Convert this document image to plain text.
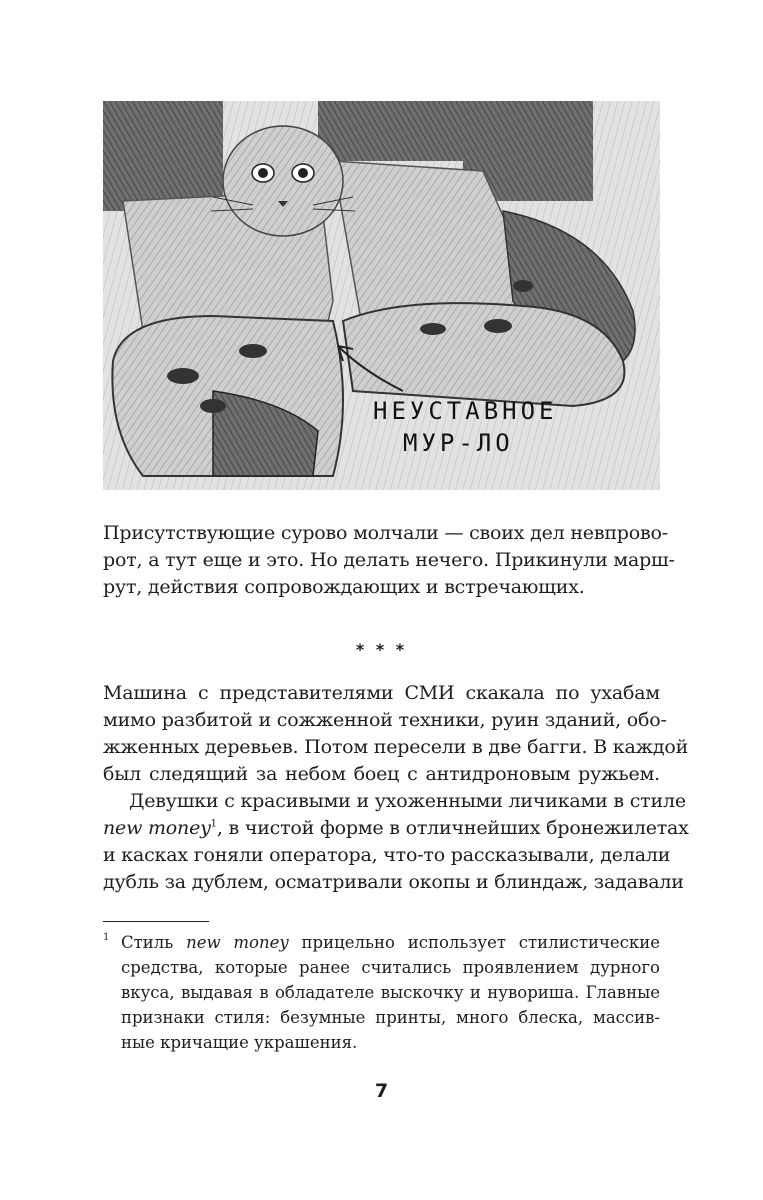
НЕУСТАВНОЕ
МУР-ЛО

Присутствующие сурово молчали — своих дел невпрово-
рот, а тут еще и это. Но делать нечего. Прикинули марш-
рут, действия сопровождающих и встречающих.

* * *

Машина с представителями СМИ скакала по ухабам
мимо разбитой и сожженной техники, руин зданий, обо-
жженных деревьев. Потом пересели в две багги. В каждой
был следящий за небом боец с антидроновым ружьем.

Девушки с красивыми и ухоженными личиками в стиле
new money$^1$, в чистой форме в отличнейших бронежилетах
и касках гоняли оператора, что-то рассказывали, делали
дубль за дублем, осматривали окопы и блиндаж, задавали

1 Стиль new money прицельно использует стилистические
средства, которые ранее считались проявлением дурного
вкуса, выдавая в обладателе выскочку и нувориша. Главные
признаки стиля: безумные принты, много блеска, массив-
ные кричащие украшения.
7
